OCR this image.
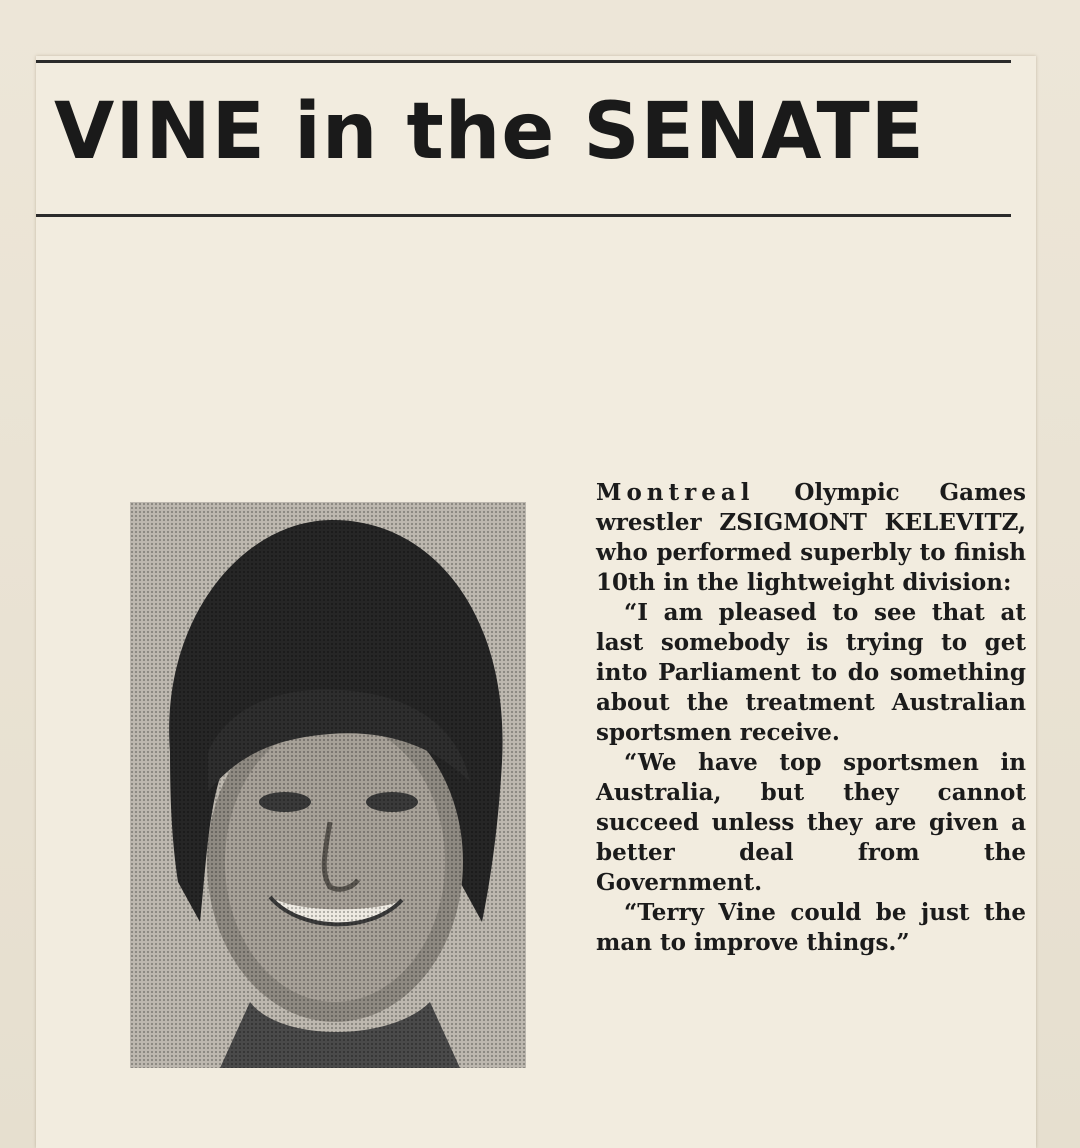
VINE in the SENATE

Montreal Olympic Games wrestler ZSIGMONT KELEVITZ, who performed superbly to finish 10th in the lightweight division:

“I am pleased to see that at last somebody is trying to get into Parliament to do something about the treatment Australian sportsmen receive.

“We have top sportsmen in Australia, but they cannot succeed unless they are given a better deal from the Government.

“Terry Vine could be just the man to improve things.”
